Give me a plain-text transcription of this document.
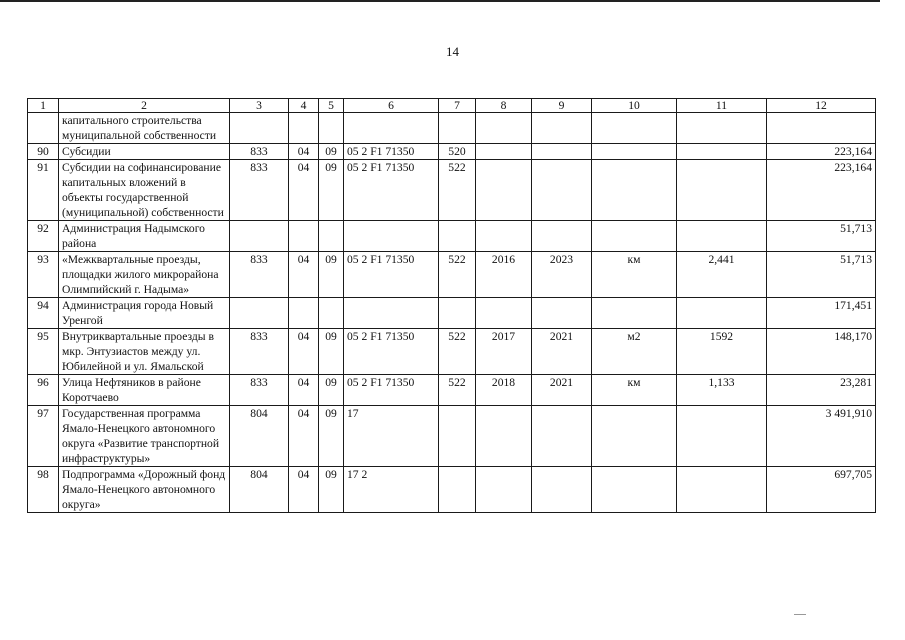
14
1	2	3	4	5	6	7	8	9	10	11	12
	капитального строительства муниципальной собственности										
90	Субсидии	833	04	09	05 2 F1 71350	520					223,164
91	Субсидии на софинансирование капитальных вложений в объекты государственной (муниципальной) собственности	833	04	09	05 2 F1 71350	522					223,164
92	Администрация Надымского района										51,713
93	«Межквартальные проезды, площадки жилого микрорайона Олимпийский г. Надыма»	833	04	09	05 2 F1 71350	522	2016	2023	км	2,441	51,713
94	Администрация города Новый Уренгой										171,451
95	Внутриквартальные проезды в мкр. Энтузиастов между ул. Юбилейной и ул. Ямальской	833	04	09	05 2 F1 71350	522	2017	2021	м2	1592	148,170
96	Улица Нефтяников в районе Коротчаево	833	04	09	05 2 F1 71350	522	2018	2021	км	1,133	23,281
97	Государственная программа Ямало-Ненецкого автономного округа «Развитие транспортной инфраструктуры»	804	04	09	17						3 491,910
98	Подпрограмма «Дорожный фонд Ямало-Ненецкого автономного округа»	804	04	09	17 2						697,705
